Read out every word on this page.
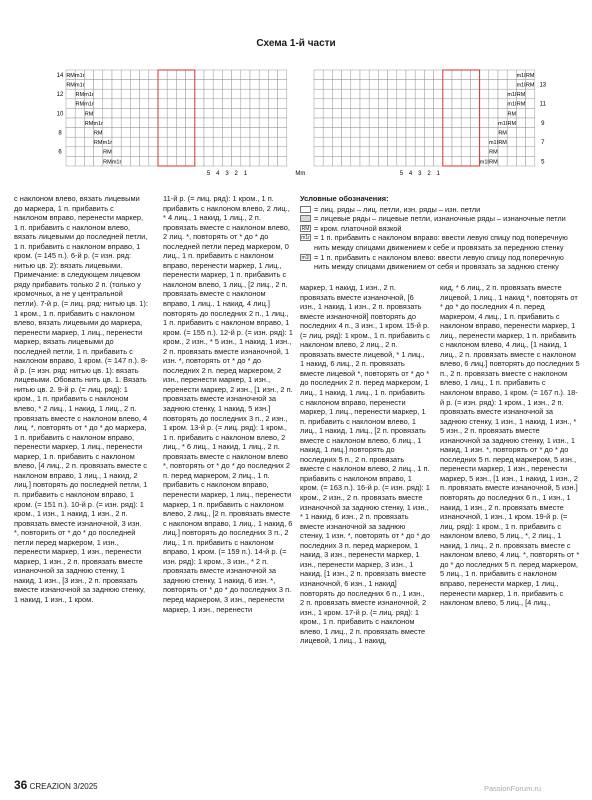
Схема 1-й части
RM m1r
RM m1r
RM m1r
RM m1r
RM
RM m1r
RM
RM m1r
RM
RM m1r
m1l RM
m1l RM
m1l RM
m1l RM
RM
m1l RM
RM
m1l RM
RM
m1l RM
14
12
10
8
6
13
11
9
7
5
5 4 3 2 1	5 4 3 2 1
Mm
Условные обозначения:
= лиц. ряды – лиц. петли, изн. ряды – изн. петли
= лицевые ряды – лицевые петли, изнаночные ряды – изнаночные петли
RM = кром. платочной вязкой
m1r = 1 п. прибавить с наклоном вправо: ввести левую спицу под поперечную нить между спицами движением к себе и провязать за переднюю стенку
m1l = 1 п. прибавить с наклоном влево: ввести левую спицу под поперечную нить между спицами движением от себя и провязать за заднюю стенку

с наклоном влево, вязать лицевыми до маркера, 1 п. прибавить с наклоном вправо, перенести маркер, 1 п. прибавить с наклоном влево, вязать лицевыми до последней петли, 1 п. прибавить с наклоном вправо, 1 кром. (= 145 п.). 6-й р. (= изн. ряд: нитью цв. 2): вязать лицевыми. Примечание: в следующем лицевом ряду прибавить только 2 п. (только у кромочных, а не у центральной петли). 7-й р. (= лиц. ряд: нитью цв. 1): 1 кром., 1 п. прибавить с наклоном влево, вязать лицевыми до маркера, перенести маркер, 1 лиц., перенести маркер, вязать лицевыми до последней петли, 1 п. прибавить с наклоном вправо, 1 кром. (= 147 п.). 8-й р. (= изн. ряд: нитью цв. 1): вязать лицевыми. Обовать нить цв. 1. Вязать нитью цв. 2. 9-й р. (= лиц. ряд): 1 кром., 1 п. прибавить с наклоном влево, * 2 лиц., 1 накид, 1 лиц., 2 п. провязать вместе с наклоном влево, 4 лиц. *, повторять от * до * до маркера, 1 п. прибавить с наклоном вправо, перенести маркер, 1 лиц., перенести маркер, 1 п. прибавить с наклоном влево, [4 лиц., 2 п. провязать вместе с наклоном вправо, 1 лиц., 1 накид, 2 лиц.] повторять до последней петли, 1 п. прибавить с наклоном вправо, 1 кром. (= 151 п.). 10-й р. (= изн. ряд): 1 кром., 1 изн., 1 накид, 1 изн., 2 п. провязать вместе изнаночной, 3 изн. *, повторить от * до * до последней петли перед маркером, 1 изн., перенести маркер, 1 изн., перенести маркер, 1 изн., 2 п. провязать вместе изнаночной за заднюю стенку, 1 накид, 1 изн., [3 изн., 2 п. провязать вместе изнаночной за заднюю стенку, 1 накид, 1 изн., 1 кром.

11-й р. (= лиц. ряд): 1 кром., 1 п. прибавить с наклоном влево, 2 лиц., * 4 лиц., 1 накид, 1 лиц., 2 п. провязать вместе с наклоном влево, 2 лиц. *, повторять от * до * до последней петли перед маркером, 0 лиц., 1 п. прибавить с наклоном вправо, перенести маркер, 1 лиц., перенести маркер, 1 п. прибавить с наклоном влево, 1 лиц., [2 лиц., 2 п. провязать вместе с наклоном вправо, 1 лиц., 1 накид, 4 лиц.] повторять до последних 2 п., 1 лиц., 1 п. прибавить с наклоном вправо, 1 кром. (= 155 п.). 12-й р. (= изн. ряд): 1 кром., 2 изн., * 5 изн., 1 накид, 1 изн., 2 п. провязать вместе изнаночной, 1 изн. *, повторять от * до * до последних 2 п. перед маркером, 2 изн., перенести маркер, 1 изн., перенести маркер, 2 изн., [1 изн., 2 п. провязать вместе изнаночной за заднюю стенку, 1 накид, 5 изн.] повторять до последних 3 п., 2 изн., 1 кром. 13-й р. (= лиц. ряд): 1 кром., 1 п. прибавить с наклоном влево, 2 лиц., * 6 лиц., 1 накид, 1 лиц., 2 п. провязать вместе с наклоном влево *, повторять от * до * до последних 2 п. перед маркером, 2 лиц., 1 п. прибавить с наклоном вправо, перенести маркер, 1 лиц., перенести маркер, 1 п. прибавить с наклоном влево, 2 лиц., [2 п. провязать вместе с наклоном вправо, 1 лиц., 1 накид, 6 лиц.] повторять до последних 3 п., 2 лиц., 1 п. прибавить с наклоном вправо, 1 кром. (= 159 п.). 14-й р. (= изн. ряд): 1 кром., 3 изн., * 2 п. провязать вместе изнаночной за заднюю стенку, 1 накид, 6 изн. *, повторять от * до * до последних 3 п. перед маркером, 3 изн., перенести маркер, 1 изн., перенести

маркер, 1 накид, 1 изн., 2 п. провязать вместе изнаночной, [6 изн., 1 накид, 1 изн., 2 п. провязать вместе изнаночной] повторять до последних 4 п., 3 изн., 1 кром. 15-й р. (= лиц. ряд): 1 кром., 1 п. прибавить с наклоном влево, 2 лиц., 2 п. провязать вместе лицевой, * 1 лиц., 1 накид, 6 лиц., 2 п. провязать вместе лицевой *, повторять от * до * до последних 2 п. перед маркером, 1 лиц., 1 накид, 1 лиц., 1 п. прибавить с наклоном вправо, перенести маркер, 1 лиц., перенести маркер, 1 п. прибавить с наклоном влево, 1 лиц., 1 накид, 1 лиц., [2 п. провязать вместе с наклоном влево, 6 лиц., 1 накид, 1 лиц.] повторять до последних 5 п., 2 п. провязать вместе с наклоном влево, 2 лиц., 1 п. прибавить с наклоном вправо, 1 кром. (= 163 п.). 16-й р. (= изн. ряд): 1 кром., 2 изн., 2 п. провязать вместе изнаночной за заднюю стенку, 1 изн., * 1 накид, 6 изн., 2 п. провязать вместе изнаночной за заднюю стенку, 1 изн. *, повторять от * до * до последних 3 п. перед маркером, 1 накид, 3 изн., перенести маркер, 1 изн., перенести маркер, 3 изн., 1 накид, [1 изн., 2 п. провязать вместе изнаночной, 6 изн., 1 накид] повторять до последних 6 п., 1 изн., 2 п. провязать вместе изнаночной, 2 изн., 1 кром. 17-й р. (= лиц. ряд): 1 кром., 1 п. прибавить с наклоном влево, 1 лиц., 2 п. провязать вместе лицевой, 1 лиц., 1 накид,

кид, * 6 лиц., 2 п. провязать вместе лицевой, 1 лиц., 1 накид *, повторять от * до * до последних 4 п. перед маркером, 4 лиц., 1 п. прибавить с наклоном вправо, перенести маркер, 1 лиц., перенести маркер, 1 п. прибавить с наклоном влево, 4 лиц., [1 накид, 1 лиц., 2 п. провязать вместе с наклоном влево, 6 лиц.] повторять до последних 5 п., 2 п. провязать вместе с наклоном влево, 1 лиц., 1 п. прибавить с наклоном вправо, 1 кром. (= 167 п.). 18-й р. (= изн. ряд): 1 кром., 1 изн., 2 п. провязать вместе изнаночной за заднюю стенку, 1 изн., 1 накид, 1 изн., * 5 изн., 2 п. провязать вместе изнаночной за заднюю стенку, 1 изн., 1 накид, 1 изн. *, повторять от * до * до последних 5 п. перед маркером, 5 изн., перенести маркер, 1 изн., перенести маркер, 5 изн., [1 изн., 1 накид, 1 изн., 2 п. провязать вместе изнаночной, 5 изн.] повторять до последних 6 п., 1 изн., 1 накид, 1 изн., 2 п. провязать вместе изнаночной, 1 изн., 1 кром. 19-й р. (= лиц. ряд): 1 кром., 1 п. прибавить с наклоном влево, 5 лиц., *, 2 лиц., 1 накид, 1 лиц., 2 п. провязать вместе с наклоном влево, 4 лиц. *, повторять от * до * до последних 5 п. перед маркером, 5 лиц., 1 п. прибавить с наклоном вправо, перенести маркер, 1 лиц., перенести маркер, 1 п. прибавить с наклоном влево, 5 лиц., [4 лиц.,

36 CREAZION 3/2025	PassionForum.ru
